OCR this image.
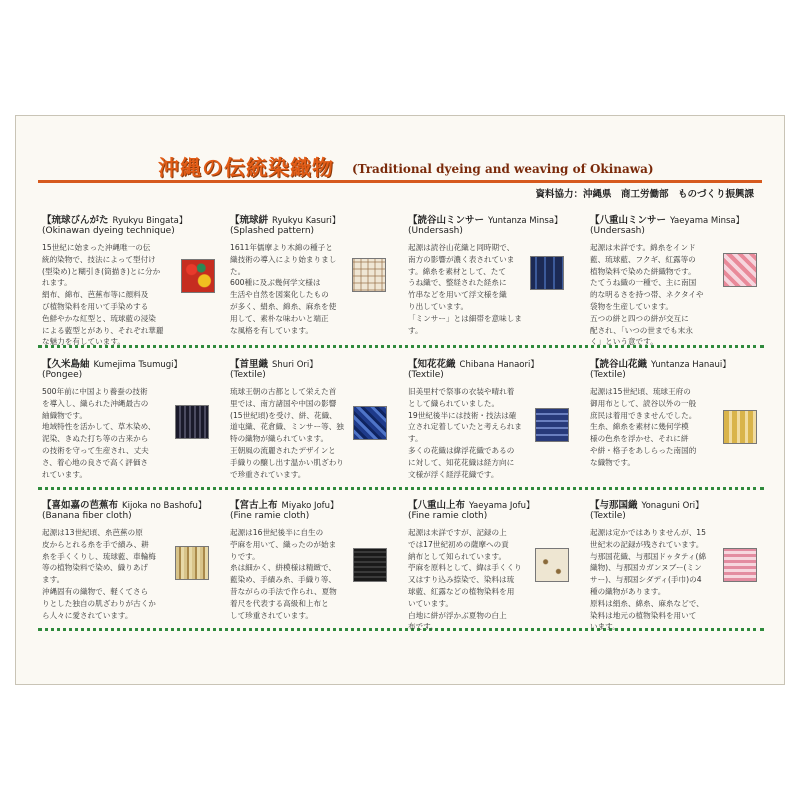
沖縄の伝統染織物 (Traditional dyeing and weaving of Okinawa)
資料協力：沖縄県　商工労働部　ものづくり振興課
【琉球びんがた Ryukyu Bingata】
(Okinawan dyeing technique)
15世紀に始まった沖縄唯一の伝
統的染物で、技法によって型付け
(型染め)と糊引き(筒描き)とに分か
れます。
絹布、綿布、芭蕉布等に顔料及
び植物染料を用いて手染めする
色鮮やかな紅型と、琉球藍の浸染
による藍型とがあり、それぞれ華麗
な魅力を有しています。
【琉球絣 Ryukyu Kasuri】
(Splashed pattern)
1611年儒摩より木綿の種子と
織技術の導入により始まりまし
た。
600種に及ぶ幾何学文様は
生活や自然を図案化したもの
が多く、絹糸、綿糸、麻糸を使
用して、素朴な味わいと端正
な風格を有しています。
【読谷山ミンサー Yuntanza Minsa】
(Undersash)
起源は読谷山花織と同時期で、
南方の影響が濃く表されていま
す。綿糸を素材として、たて
うね織で、整経された経糸に
竹串などを用いて浮文様を織
り出しています。
「ミンサー」とは細帯を意味しま
す。
【八重山ミンサー Yaeyama Minsa】
(Undersash)
起源は未詳です。綿糸をインド
藍、琉球藍、フクギ、紅露等の
植物染料で染めた絣織物です。
たてうね織の一種で、主に南国
的な明るさを持つ帯、ネクタイや
袋物を生産しています。
五つの絣と四つの絣が交互に
配され、「いつの世までも末永
く」という意です。
【久米島紬 Kumejima Tsumugi】
(Pongee)
500年前に中国より養蚕の技術
を導入し、織られた沖縄最古の
紬織物です。
地域特性を活かして、草木染め、
泥染、きぬた打ち等の古来から
の技術を守って生産され、丈夫
さ、着心地の良さで高く評価さ
れています。
【首里織 Shuri Ori】
(Textile)
琉球王朝の古都として栄えた首
里では、南方諸国や中国の影響
(15世紀頃)を受け、絣、花織、
道屯織、花倉織、ミンサー等、独
特の織物が織られています。
王朝風の流麗されたデザインと
手織りの醸し出す温かい肌ざわり
で珍重されています。
【知花花織 Chibana Hanaori】
(Textile)
旧美里村で祭事の衣装や晴れ着
として織られていました。
19世紀後半には技術・技法は確
立され定着していたと考えられま
す。
多くの花織は緯浮花織であるの
に対して、知花花織は経方向に
文様が浮く経浮花織です。
【読谷山花織 Yuntanza Hanaui】
(Textile)
起源は15世紀頃、琉球王府の
御用布として、読谷以外の一般
庶民は着用できませんでした。
生糸、綿糸を素材に幾何学模
様の色糸を浮かせ、それに絣
や絣・格子をあしらった南国的
な織物です。
【喜如嘉の芭蕉布 Kijoka no Bashofu】
(Banana fiber cloth)
起源は13世紀頃、糸芭蕉の原
皮からとれる糸を手で績み、耕
糸を手くくりし、琉球藍、車輪梅
等の植物染料で染め、織りあげ
ます。
沖縄固有の織物で、軽くてさら
りとした独自の肌ざわりが古くか
ら人々に愛されています。
【宮古上布 Miyako Jofu】
(Fine ramie cloth)
起源は16世紀後半に自生の
苧麻を用いて、織ったのが始ま
りです。
糸は細かく、絣模様は精緻で、
藍染め、手績み糸、手織り等、
昔ながらの手法で作られ、夏物
着尺を代表する高級和上布と
して珍重されています。
【八重山上布 Yaeyama Jofu】
(Fine ramie cloth)
起源は未詳ですが、記録の上
では17世紀初めの薩摩への貢
納布として知られています。
苧麻を原料として、緯は手くくり
又はすり込み捺染で、染料は琉
球藍、紅露などの植物染料を用
いています。
白地に絣が浮かぶ夏物の白上
布です。
【与那国織 Yonaguni Ori】
(Textile)
起源は定かではありませんが、15
世紀末の記録が残されています。
与那国花織、与那国ドゥタティ(綿
織物)、与那国カガンヌブー(ミン
サー)、与那国シダディ(手巾)の4
種の織物があります。
原料は絹糸、綿糸、麻糸などで、
染料は地元の植物染料を用いて
います。
